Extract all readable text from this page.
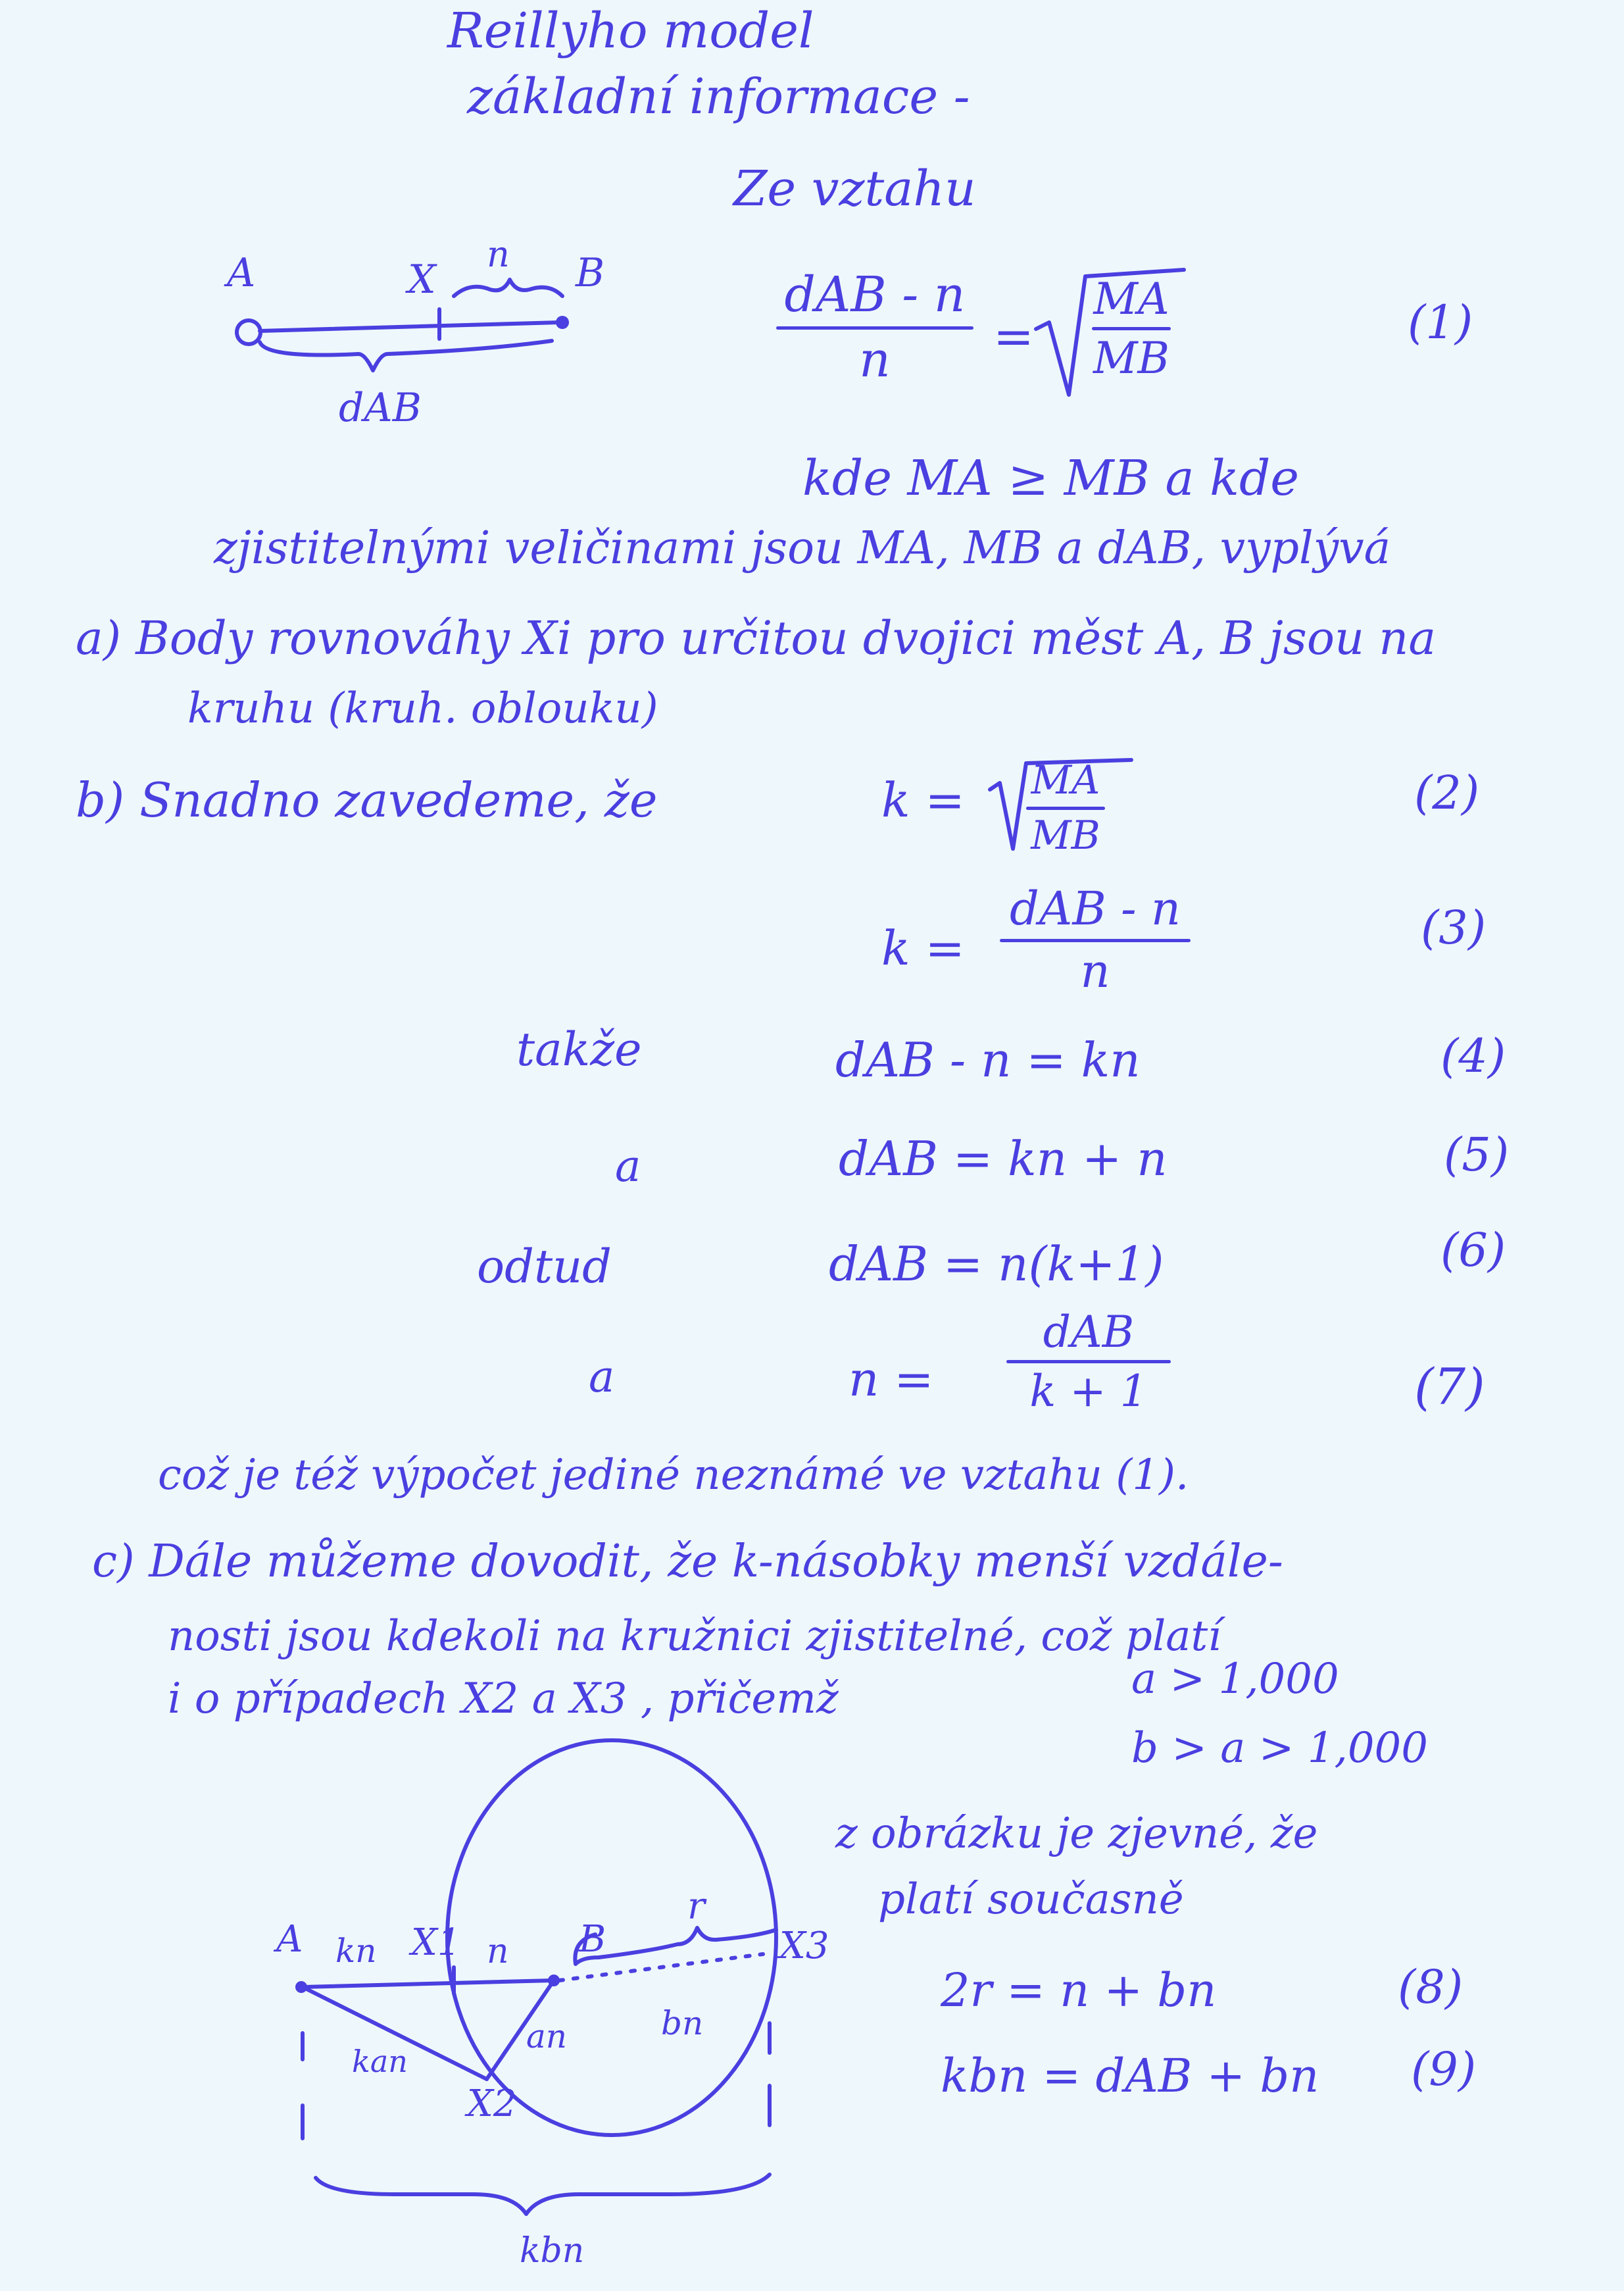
Reillyho model
základní informace -
Ze vztahu
A	X
n B
dAB
dAB - n
n =
MA
MB
(1)
kde MA ≥ MB a kde
zjistitelnými veličinami jsou MA, MB a dAB, vyplývá
a) Body rovnováhy Xi pro určitou dvojici měst A, B jsou na
kruhu (kruh. oblouku)
b) Snadno zavedeme, že	k = MA
MB
(2)
k =
dAB - n
n
(3)
takže	dAB - n = kn	(4)
a	dAB = kn + n	(5)
odtud	dAB = n(k+1)	(6)
a	n =
dAB
k + 1	(7)
což je též výpočet jediné neznámé ve vztahu (1).
c) Dále můžeme dovodit, že k-násobky menší vzdále-
nosti jsou kdekoli na kružnici zjistitelné, což platí
i o případech X2 a X3 , přičemž	a > 1,000
b > a > 1,000
z obrázku je zjevné, že
platí současně
2r = n + bn	(8)
kbn = dAB + bn (9)
A kn X1 n B
r
X3
an	bn
kan
X2
kbn
